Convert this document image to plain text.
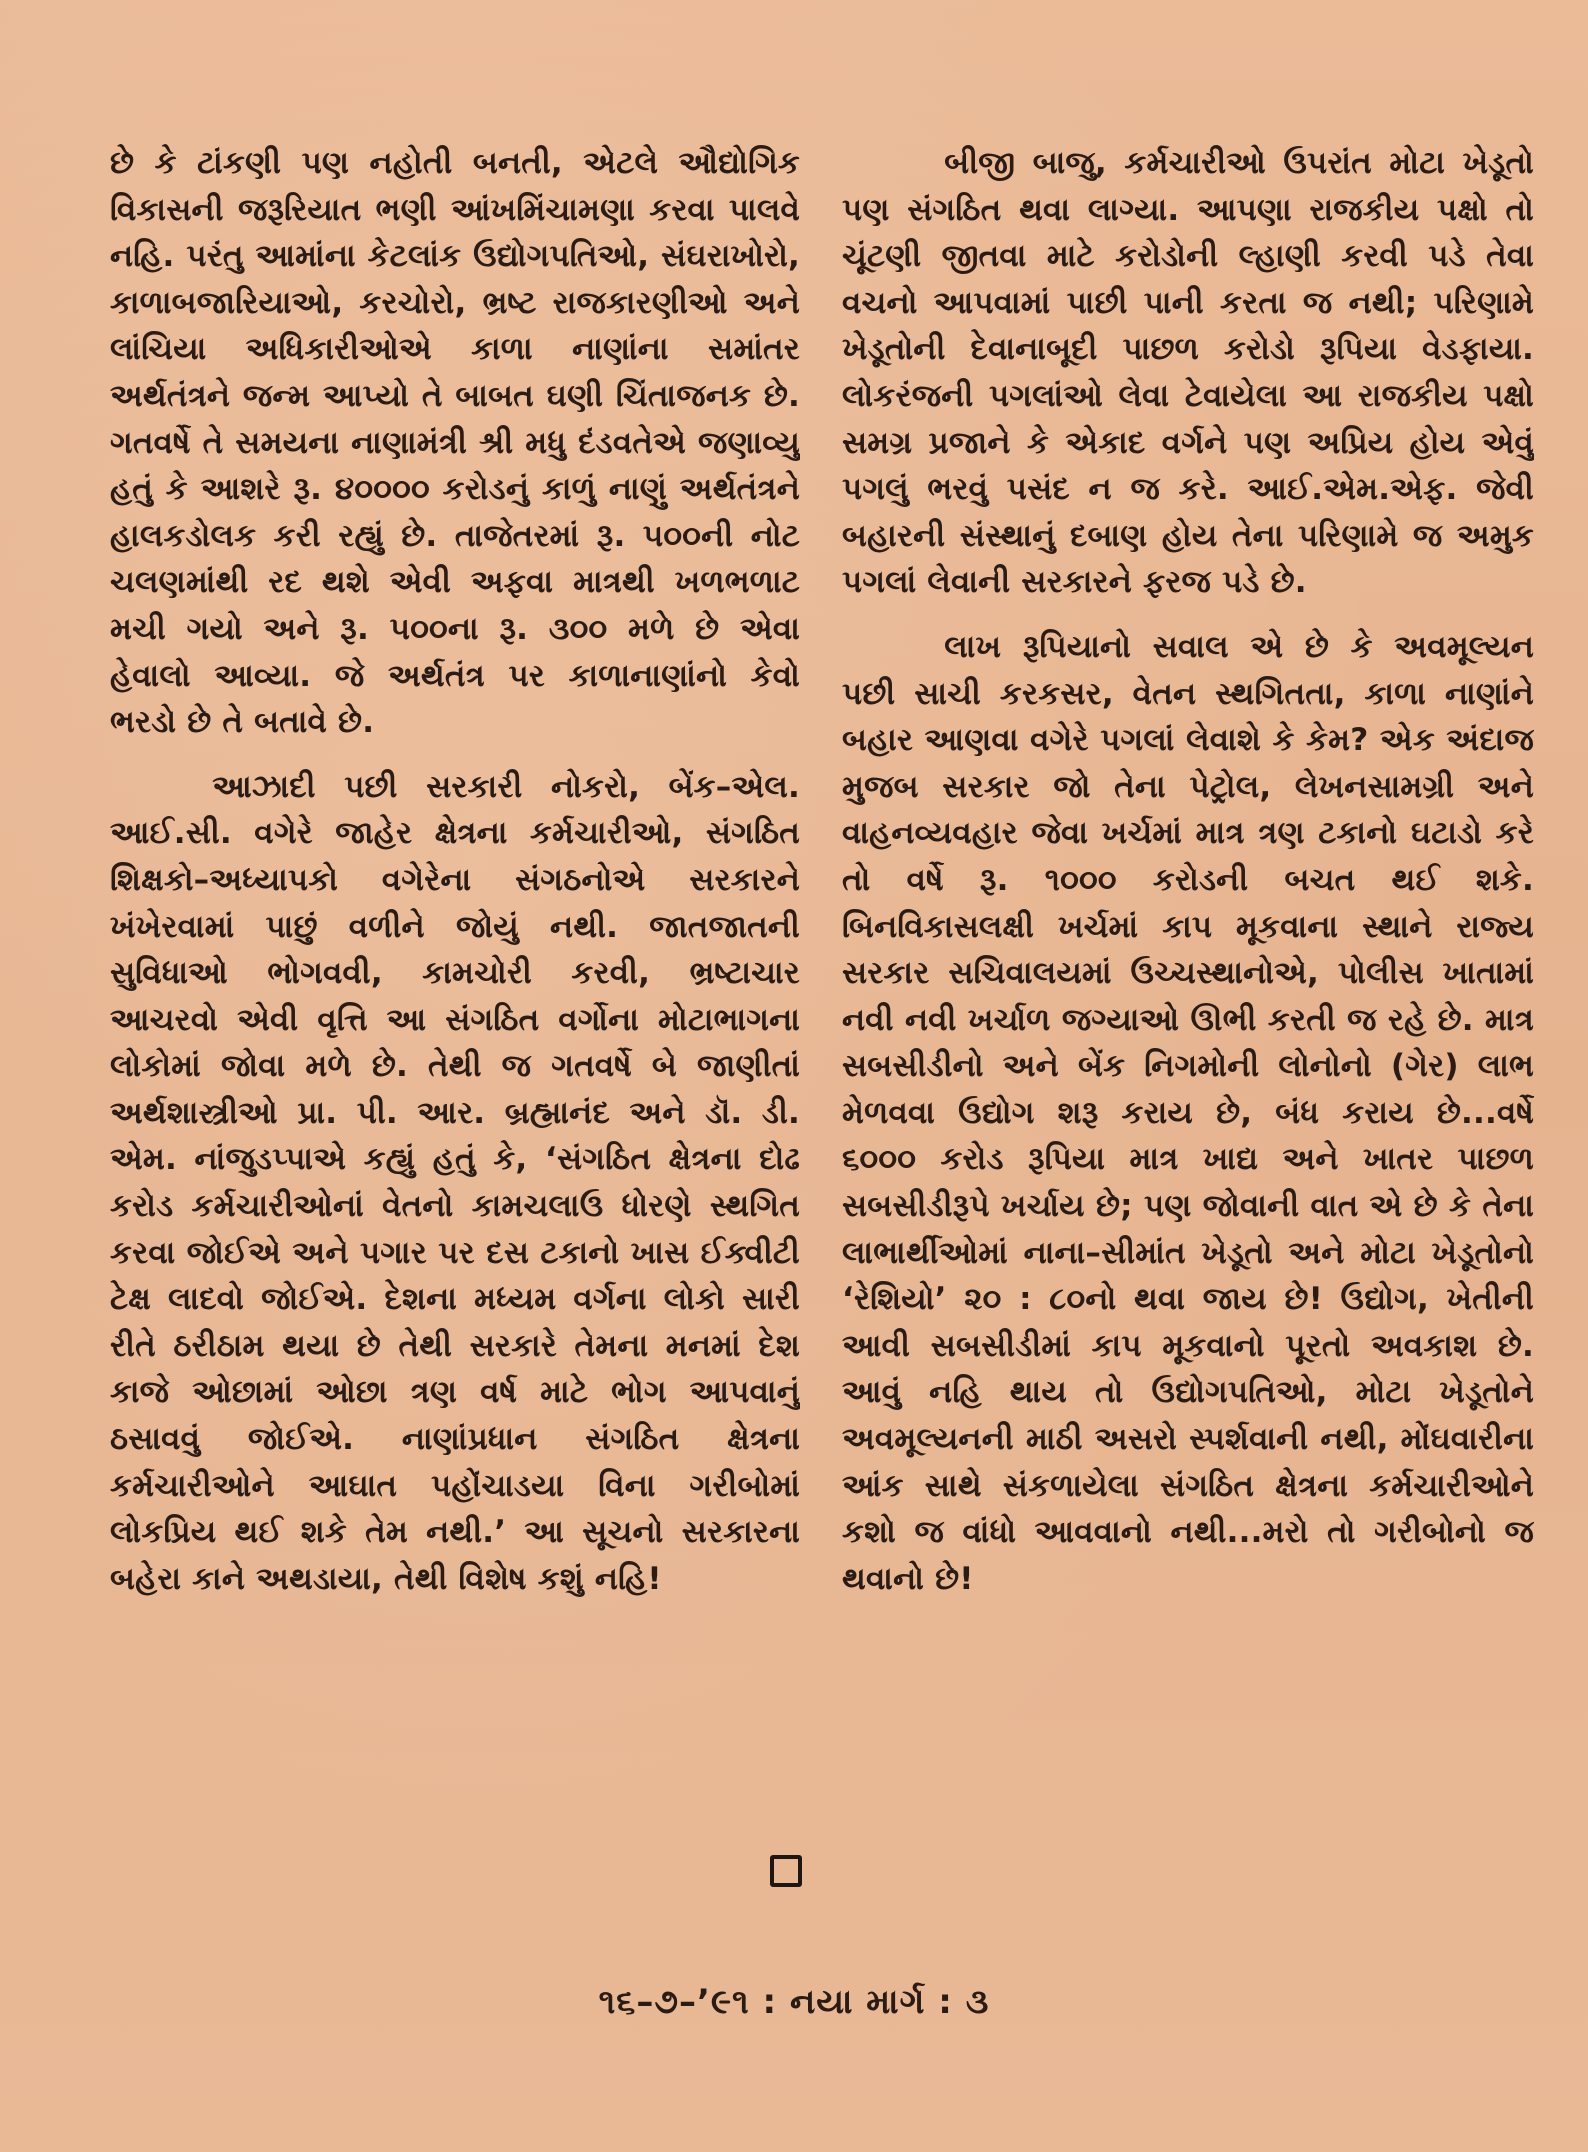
છે કે ટાંકણી પણ નહોતી બનતી, એટલે ઔદ્યોગિક વિકાસની જરૂરિયાત ભણી આંખમિંચામણા કરવા પાલવે નહિ. પરંતુ આમાંના કેટલાંક ઉદ્યોગપતિઓ, સંઘરાખોરો, કાળાબજારિયાઓ, કરચોરો, ભ્રષ્ટ રાજકારણીઓ અને લાંચિયા અધિકારીઓએ કાળા નાણાંના સમાંતર અર્થતંત્રને જન્મ આપ્યો તે બાબત ઘણી ચિંતાજનક છે. ગતવર્ષે તે સમયના નાણામંત્રી શ્રી મધુ દંડવતેએ જણાવ્યુ હતું કે આશરે રૂ. ૪૦૦૦૦ કરોડનું કાળું નાણું અર્થતંત્રને હાલકડોલક કરી રહ્યું છે. તાજેતરમાં રૂ. ૫૦૦ની નોટ ચલણમાંથી રદ થશે એવી અફવા માત્રથી ખળભળાટ મચી ગયો અને રૂ. ૫૦૦ના રૂ. ૩૦૦ મળે છે એવા હેવાલો આવ્યા. જે અર્થતંત્ર પર કાળાનાણાંનો કેવો ભરડો છે તે બતાવે છે.

આઝાદી પછી સરકારી નોકરો, બેંક–એલ. આઈ.સી. વગેરે જાહેર ક્ષેત્રના કર્મચારીઓ, સંગઠિત શિક્ષકો–અધ્યાપકો વગેરેના સંગઠનોએ સરકારને ખંખેરવામાં પાછું વળીને જોયું નથી. જાતજાતની સુવિધાઓ ભોગવવી, કામચોરી કરવી, ભ્રષ્ટાચાર આચરવો એવી વૃત્તિ આ સંગઠિત વર્ગોના મોટાભાગના લોકોમાં જોવા મળે છે. તેથી જ ગતવર્ષે બે જાણીતાં અર્થશાસ્ત્રીઓ પ્રા. પી. આર. બ્રહ્માનંદ અને ડૉ. ડી. એમ. નાંજુડપ્પાએ કહ્યું હતું કે, ‘સંગઠિત ક્ષેત્રના દોઢ કરોડ કર્મચારીઓનાં વેતનો કામચલાઉ ધોરણે સ્થગિત કરવા જોઈએ અને પગાર પર દસ ટકાનો ખાસ ઈક્વીટી ટેક્ષ લાદવો જોઈએ. દેશના મધ્યમ વર્ગના લોકો સારી રીતે ઠરીઠામ થયા છે તેથી સરકારે તેમના મનમાં દેશ કાજે ઓછામાં ઓછા ત્રણ વર્ષ માટે ભોગ આપવાનું ઠસાવવું જોઈએ. નાણાંપ્રધાન સંગઠિત ક્ષેત્રના કર્મચારીઓને આઘાત પહોંચાડયા વિના ગરીબોમાં લોકપ્રિય થઈ શકે તેમ નથી.’ આ સૂચનો સરકારના બહેરા કાને અથડાયા, તેથી વિશેષ કશું નહિ!

બીજી બાજુ, કર્મચારીઓ ઉપરાંત મોટા ખેડૂતો પણ સંગઠિત થવા લાગ્યા. આપણા રાજકીય પક્ષો તો ચૂંટણી જીતવા માટે કરોડોની લ્હાણી કરવી પડે તેવા વચનો આપવામાં પાછી પાની કરતા જ નથી; પરિણામે ખેડૂતોની દેવાનાબૂદી પાછળ કરોડો રૂપિયા વેડફાયા. લોકરંજની પગલાંઓ લેવા ટેવાયેલા આ રાજકીય પક્ષો સમગ્ર પ્રજાને કે એકાદ વર્ગને પણ અપ્રિય હોય એવું પગલું ભરવું પસંદ ન જ કરે. આઈ.એમ.એફ. જેવી બહારની સંસ્થાનું દબાણ હોય તેના પરિણામે જ અમુક પગલાં લેવાની સરકારને ફરજ પડે છે.

લાખ રૂપિયાનો સવાલ એ છે કે અવમૂલ્યન પછી સાચી કરકસર, વેતન સ્થગિતતા, કાળા નાણાંને બહાર આણવા વગેરે પગલાં લેવાશે કે કેમ? એક અંદાજ મુજબ સરકાર જો તેના પેટ્રોલ, લેખનસામગ્રી અને વાહનવ્યવહાર જેવા ખર્ચમાં માત્ર ત્રણ ટકાનો ઘટાડો કરે તો વર્ષે રૂ. ૧૦૦૦ કરોડની બચત થઈ શકે. બિનવિકાસલક્ષી ખર્ચમાં કાપ મૂકવાના સ્થાને રાજ્ય સરકાર સચિવાલયમાં ઉચ્ચસ્થાનોએ, પોલીસ ખાતામાં નવી નવી ખર્ચાળ જગ્યાઓ ઊભી કરતી જ રહે છે. માત્ર સબસીડીનો અને બેંક નિગમોની લોનોનો (ગેર) લાભ મેળવવા ઉદ્યોગ શરૂ કરાય છે, બંધ કરાય છે...વર્ષે ૬૦૦૦ કરોડ રૂપિયા માત્ર ખાદ્ય અને ખાતર પાછળ સબસીડીરૂપે ખર્ચાય છે; પણ જોવાની વાત એ છે કે તેના લાભાર્થીઓમાં નાના–સીમાંત ખેડૂતો અને મોટા ખેડૂતોનો ‘રેશિયો’ ૨૦ : ૮૦નો થવા જાય છે! ઉદ્યોગ, ખેતીની આવી સબસીડીમાં કાપ મૂકવાનો પૂરતો અવકાશ છે. આવું નહિ થાય તો ઉદ્યોગપતિઓ, મોટા ખેડૂતોને અવમૂલ્યનની માઠી અસરો સ્પર્શવાની નથી, મોંઘવારીના આંક સાથે સંકળાયેલા સંગઠિત ક્ષેત્રના કર્મચારીઓને કશો જ વાંધો આવવાનો નથી...મરો તો ગરીબોનો જ થવાનો છે!

૧૬–૭–’૯૧ : નયા માર્ગ : ૩
